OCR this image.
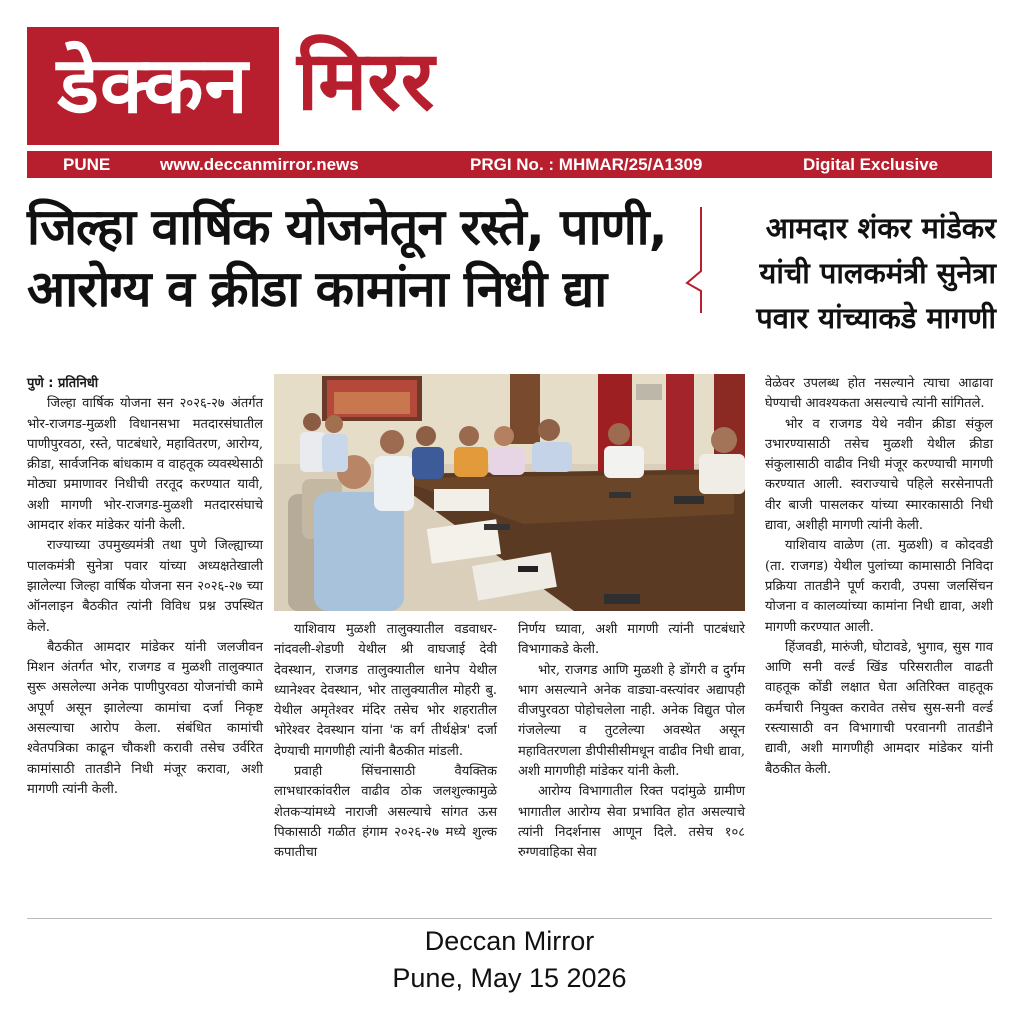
डेक्कन मिरर
PUNE	www.deccanmirror.news	PRGI No. : MHMAR/25/A1309	Digital Exclusive
जिल्हा वार्षिक योजनेतून रस्ते, पाणी, आरोग्य व क्रीडा कामांना निधी द्या
आमदार शंकर मांडेकर यांची पालकमंत्री सुनेत्रा पवार यांच्याकडे मागणी

पुणे : प्रतिनिधी

जिल्हा वार्षिक योजना सन २०२६-२७ अंतर्गत भोर-राजगड-मुळशी विधानसभा मतदारसंघातील पाणीपुरवठा, रस्ते, पाटबंधारे, महावितरण, आरोग्य, क्रीडा, सार्वजनिक बांधकाम व वाहतूक व्यवस्थेसाठी मोठ्या प्रमाणावर निधीची तरतूद करण्यात यावी, अशी मागणी भोर-राजगड-मुळशी मतदारसंघाचे आमदार शंकर मांडेकर यांनी केली.

राज्याच्या उपमुख्यमंत्री तथा पुणे जिल्ह्याच्या पालकमंत्री सुनेत्रा पवार यांच्या अध्यक्षतेखाली झालेल्या जिल्हा वार्षिक योजना सन २०२६-२७ च्या ऑनलाइन बैठकीत त्यांनी विविध प्रश्न उपस्थित केले.

बैठकीत आमदार मांडेकर यांनी जलजीवन मिशन अंतर्गत भोर, राजगड व मुळशी तालुक्यात सुरू असलेल्या अनेक पाणीपुरवठा योजनांची कामे अपूर्ण असून झालेल्या कामांचा दर्जा निकृष्ट असल्याचा आरोप केला. संबंधित कामांची श्वेतपत्रिका काढून चौकशी करावी तसेच उर्वरित कामांसाठी तातडीने निधी मंजूर करावा, अशी मागणी त्यांनी केली.

याशिवाय मुळशी तालुक्यातील वडवाधर-नांदवली-शेडणी येथील श्री वाघजाई देवी देवस्थान, राजगड तालुक्यातील धानेप येथील ध्यानेश्वर देवस्थान, भोर तालुक्यातील मोहरी बु. येथील अमृतेश्वर मंदिर तसेच भोर शहरातील भोरेश्वर देवस्थान यांना 'क वर्ग तीर्थक्षेत्र' दर्जा देण्याची मागणीही त्यांनी बैठकीत मांडली.

प्रवाही सिंचनासाठी वैयक्तिक लाभधारकांवरील वाढीव ठोक जलशुल्कामुळे शेतकऱ्यांमध्ये नाराजी असल्याचे सांगत ऊस पिकासाठी गळीत हंगाम २०२६-२७ मध्ये शुल्क कपातीचा

निर्णय घ्यावा, अशी मागणी त्यांनी पाटबंधारे विभागाकडे केली.

भोर, राजगड आणि मुळशी हे डोंगरी व दुर्गम भाग असल्याने अनेक वाड्या-वस्त्यांवर अद्यापही वीजपुरवठा पोहोचलेला नाही. अनेक विद्युत पोल गंजलेल्या व तुटलेल्या अवस्थेत असून महावितरणला डीपीसीसीमधून वाढीव निधी द्यावा, अशी मागणीही मांडेकर यांनी केली.

आरोग्य विभागातील रिक्त पदांमुळे ग्रामीण भागातील आरोग्य सेवा प्रभावित होत असल्याचे त्यांनी निदर्शनास आणून दिले. तसेच १०८ रुग्णवाहिका सेवा

वेळेवर उपलब्ध होत नसल्याने त्याचा आढावा घेण्याची आवश्यकता असल्याचे त्यांनी सांगितले.

भोर व राजगड येथे नवीन क्रीडा संकुल उभारण्यासाठी तसेच मुळशी येथील क्रीडा संकुलासाठी वाढीव निधी मंजूर करण्याची मागणी करण्यात आली. स्वराज्याचे पहिले सरसेनापती वीर बाजी पासलकर यांच्या स्मारकासाठी निधी द्यावा, अशीही मागणी त्यांनी केली.

याशिवाय वाळेण (ता. मुळशी) व कोदवडी (ता. राजगड) येथील पुलांच्या कामासाठी निविदा प्रक्रिया तातडीने पूर्ण करावी, उपसा जलसिंचन योजना व कालव्यांच्या कामांना निधी द्यावा, अशी मागणी करण्यात आली.

हिंजवडी, मारुंजी, घोटावडे, भुगाव, सुस गाव आणि सनी वर्ल्ड खिंड परिसरातील वाढती वाहतूक कोंडी लक्षात घेता अतिरिक्त वाहतूक कर्मचारी नियुक्त करावेत तसेच सुस-सनी वर्ल्ड रस्त्यासाठी वन विभागाची परवानगी तातडीने द्यावी, अशी मागणीही आमदार मांडेकर यांनी बैठकीत केली.

Deccan Mirror
Pune, May 15 2026
